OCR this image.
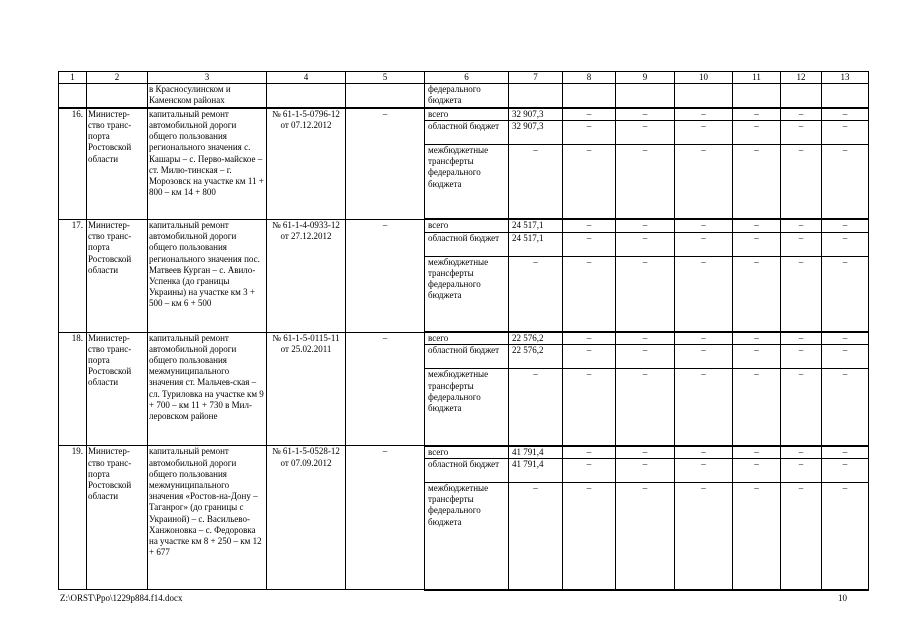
1	2	3	4	5	6	7	8	9	10	11	12	13
		в Красносулинском и Каменском районах			федерального бюджета							
16.	Министер-ство транс-порта Ростовской области	капитальный ремонт автомобильной дороги общего пользования регионального значения с. Кашары – с. Перво-майское – ст. Милю-тинская – г. Морозовск на участке км 11 + 800 – км 14 + 800	№ 61-1-5-0796-12 от 07.12.2012	–	всего	32 907,3	–	–	–	–	–	–
					областной бюджет	32 907,3	–	–	–	–	–	–
					межбюджетные трансферты федерального бюджета	–	–	–	–	–	–	–
17.	Министер-ство транс-порта Ростовской области	капитальный ремонт автомобильной дороги общего пользования регионального значения пос. Матвеев Курган – с. Авило-Успенка (до границы Украины) на участке км 3 + 500 – км 6 + 500	№ 61-1-4-0933-12 от 27.12.2012	–	всего	24 517,1	–	–	–	–	–	–
					областной бюджет	24 517,1	–	–	–	–	–	–
					межбюджетные трансферты федерального бюджета	–	–	–	–	–	–	–
18.	Министер-ство транс-порта Ростовской области	капитальный ремонт автомобильной дороги общего пользования межмуниципального значения ст. Мальчев-ская – сл. Туриловка на участке км 9 + 700 – км 11 + 730 в Мил-леровском районе	№ 61-1-5-0115-11 от 25.02.2011	–	всего	22 576,2	–	–	–	–	–	–
					областной бюджет	22 576,2	–	–	–	–	–	–
					межбюджетные трансферты федерального бюджета	–	–	–	–	–	–	–
19.	Министер-ство транс-порта Ростовской области	капитальный ремонт автомобильной дороги общего пользования межмуниципального значения «Ростов-на-Дону – Таганрог» (до границы с Украиной) – с. Васильево-Ханжоновка – с. Федоровка на участке км 8 + 250 – км 12 + 677	№ 61-1-5-0528-12 от 07.09.2012	–	всего	41 791,4	–	–	–	–	–	–
					областной бюджет	41 791,4	–	–	–	–	–	–
					межбюджетные трансферты федерального бюджета	–	–	–	–	–	–	–
Z:\ORST\Ppo\1229p884.f14.docx	10
